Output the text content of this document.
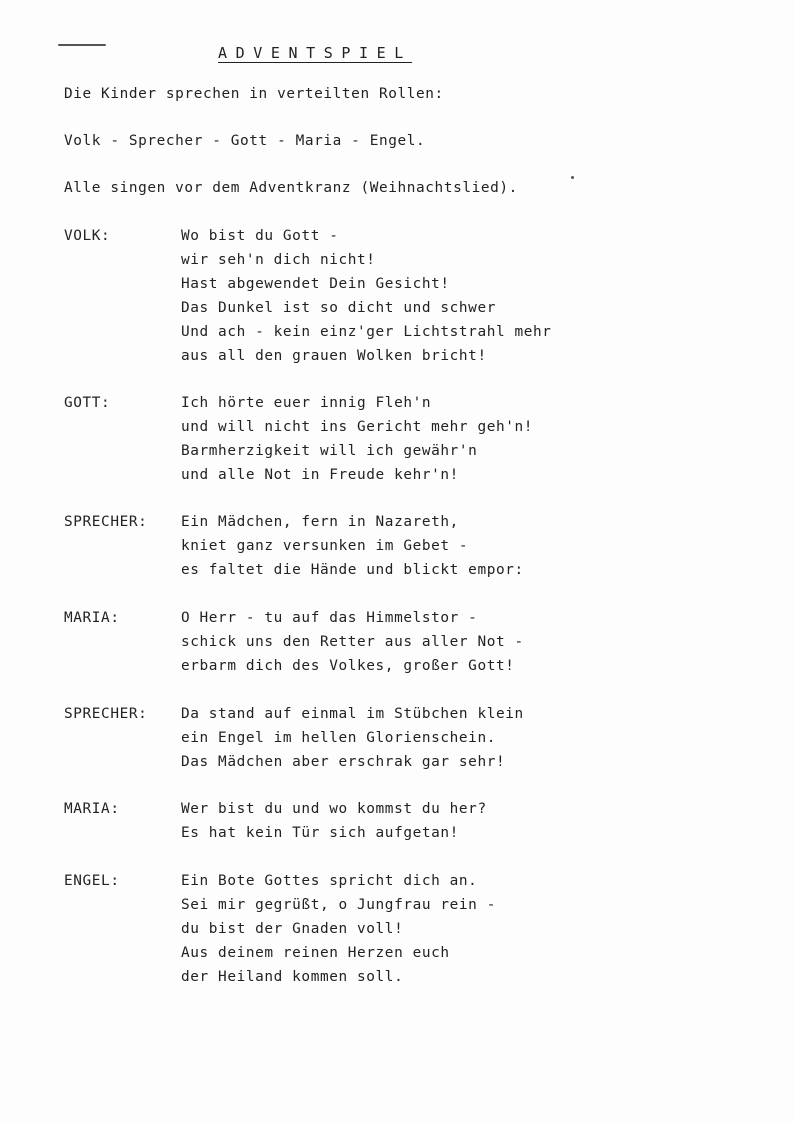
ADVENTSPIEL
Die Kinder sprechen in verteilten Rollen:
Volk - Sprecher - Gott - Maria - Engel.
Alle singen vor dem Adventkranz (Weihnachtslied).
VOLK:	Wo bist du Gott -
wir seh'n dich nicht!
Hast abgewendet Dein Gesicht!
Das Dunkel ist so dicht und schwer
Und ach - kein einz'ger Lichtstrahl mehr
aus all den grauen Wolken bricht!
GOTT:	Ich hörte euer innig Fleh'n
und will nicht ins Gericht mehr geh'n!
Barmherzigkeit will ich gewähr'n
und alle Not in Freude kehr'n!
SPRECHER: Ein Mädchen, fern in Nazareth,
kniet ganz versunken im Gebet -
es faltet die Hände und blickt empor:
MARIA:	O Herr - tu auf das Himmelstor -
schick uns den Retter aus aller Not -
erbarm dich des Volkes, großer Gott!
SPRECHER: Da stand auf einmal im Stübchen klein
ein Engel im hellen Glorienschein.
Das Mädchen aber erschrak gar sehr!
MARIA:	Wer bist du und wo kommst du her?
Es hat kein Tür sich aufgetan!
ENGEL:	Ein Bote Gottes spricht dich an.
Sei mir gegrüßt, o Jungfrau rein -
du bist der Gnaden voll!
Aus deinem reinen Herzen euch
der Heiland kommen soll.
